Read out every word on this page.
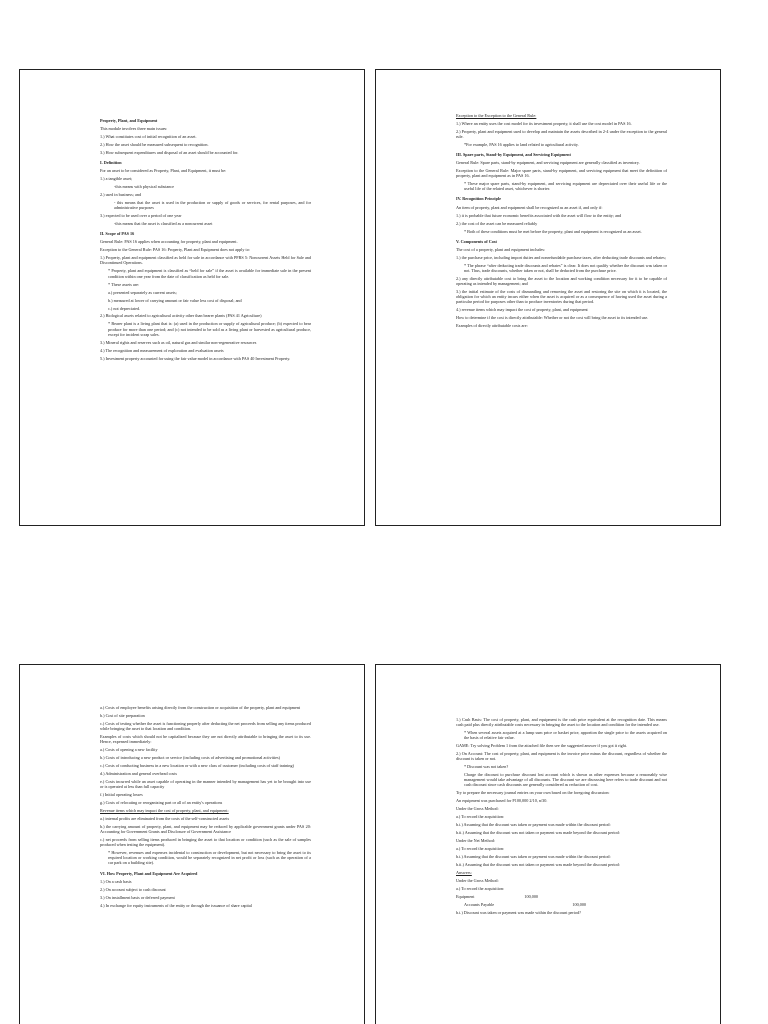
Property, Plant, and Equipment
This module involves three main issues:
1.) What constitutes cost of initial recognition of an asset.
2.) How the asset should be measured subsequent to recognition.
3.) How subsequent expenditures and disposal of an asset should be accounted for.
I. Definition
For an asset to be considered as Property, Plant, and Equipment, it must be:
1.) a tangible asset;
-this means with physical substance
2.) used in business; and
- this means that the asset is used in the production or supply of goods or services, for rental purposes, and for administrative purposes
3.) expected to be used over a period of one year
-this means that the asset is classified as a noncurrent asset
II. Scope of PAS 16
General Rule: PAS 16 applies when accounting for property, plant and equipment.
Exception to the General Rule: PAS 16: Property, Plant and Equipment does not apply to:
1.) Property, plant and equipment classified as held for sale in accordance with PFRS 5: Noncurrent Assets Held for Sale and Discontinued Operations.
* Property, plant and equipment is classified as “held for sale” if the asset is available for immediate sale in the present condition within one year from the date of classification as held for sale.
* These assets are:
a.) presented separately as current assets;
b.) measured at lower of carrying amount or fair value less cost of disposal; and
c.) not depreciated.
2.) Biological assets related to agricultural activity other than bearer plants (PAS 41 Agriculture)
* Bearer plant is a living plant that is: (a) used in the production or supply of agricultural produce; (b) expected to bear produce for more than one period; and (c) not intended to be sold as a living plant or harvested as agricultural produce, except for incident scrap sales.
3.) Mineral rights and reserves such as oil, natural gas and similar non-regenerative resources
4.) The recognition and measurement of exploration and evaluation assets
5.) Investment property accounted for using the fair value model in accordance with PAS 40 Investment Property.
Exception to the Exception to the General Rule:
1.) Where an entity uses the cost model for its investment property, it shall use the cost model in PAS 16.
2.) Property, plant and equipment used to develop and maintain the assets described in 2-4 under the exception to the general rule.
*For example, PAS 16 applies to land related to agricultural activity.
III. Spare parts, Stand-by Equipment, and Servicing Equipment
General Rule: Spare parts, stand-by equipment, and servicing equipment are generally classified as inventory.
Exception to the General Rule: Major spare parts, stand-by equipment, and servicing equipment that meet the definition of property, plant and equipment as in PAS 16.
* These major spare parts, stand-by equipment, and servicing equipment are depreciated over their useful life or the useful life of the related asset, whichever is shorter.
IV. Recognition Principle
An item of property, plant and equipment shall be recognized as an asset if, and only if:
1.) it is probable that future economic benefits associated with the asset will flow to the entity; and
2.) the cost of the asset can be measured reliably
* Both of these conditions must be met before the property, plant and equipment is recognized as an asset.
V. Components of Cost
The cost of a property, plant and equipment includes:
1.) the purchase price, including import duties and nonrefundable purchase taxes, after deducting trade discounts and rebates;
* The phrase “after deducting trade discounts and rebates” is clear. It does not qualify whether the discount was taken or not. Thus, trade discounts, whether taken or not, shall be deducted from the purchase price.
2.) any directly attributable cost to bring the asset to the location and working condition necessary for it to be capable of operating as intended by management; and
3.) the initial estimate of the costs of dismantling and removing the asset and restoring the site on which it is located, the obligation for which an entity incurs either when the asset is acquired or as a consequence of having used the asset during a particular period for purposes other than to produce inventories during that period.
4.) revenue items which may impact the cost of property, plant, and equipment
How to determine if the cost is directly attributable: Whether or not the cost will bring the asset to its intended use.
Examples of directly attributable costs are:
a.) Costs of employee benefits arising directly from the construction or acquisition of the property, plant and equipment
b.) Cost of site preparation
c.) Costs of testing whether the asset is functioning properly after deducting the net proceeds from selling any items produced while bringing the asset to that location and condition.
Examples of costs which should not be capitalized because they are not directly attributable to bringing the asset to its use. Hence, expensed immediately:
a.) Costs of opening a new facility
b.) Costs of introducing a new product or service (including costs of advertising and promotional activities)
c.) Costs of conducting business in a new location or with a new class of customer (including costs of staff training)
d.) Administration and general overhead costs
e.) Costs incurred while an asset capable of operating in the manner intended by management has yet to be brought into use or is operated at less than full capacity
f.) Initial operating losses
g.) Costs of relocating or reorganizing part or all of an entity's operations
Revenue items which may impact the cost of property, plant, and equipment:
a.) internal profits are eliminated from the costs of the self-constructed assets
b.) the carrying amount of property, plant, and equipment may be reduced by applicable government grants under PAS 20: Accounting for Government Grants and Disclosure of Government Assistance
c.) net proceeds from selling items produced in bringing the asset to that location or condition (such as the sale of samples produced when testing the equipment).
* However, revenues and expenses incidental to construction or development, but not necessary to bring the asset to its required location or working condition, would be separately recognized in net profit or loss (such as the operation of a car park on a building site).
VI. How Property, Plant and Equipment Are Acquired
1.) On a cash basis
2.) On account subject to cash discount
3.) On installment basis or deferred payment
4.) In exchange for equity instruments of the entity or through the issuance of share capital
1.) Cash Basis: The cost of property, plant, and equipment is the cash price equivalent at the recognition date. This means cash paid plus directly attributable costs necessary in bringing the asset to the location and condition for the intended use.
* When several assets acquired at a lump sum price or basket price, apportion the single price to the assets acquired on the basis of relative fair value.
GAME: Try solving Problem 1 from the attached file then see the suggested answer if you got it right.
2.) On Account: The cost of property, plant, and equipment is the invoice price minus the discount, regardless of whether the discount is taken or not.
* Discount was not taken?
Charge the discount to purchase discount lost account which is shown as other expenses because a reasonably wise management would take advantage of all discounts. The discount we are discussing here refers to trade discount and not cash discount since cash discounts are generally considered as reduction of cost.
Try to prepare the necessary journal entries on your own based on the foregoing discussion:
An equipment was purchased for P100,000 2/10, n/30.
Under the Gross Method:
a.) To record the acquisition:
b.i.) Assuming that the discount was taken or payment was made within the discount period:
b.ii.) Assuming that the discount was not taken or payment was made beyond the discount period:
Under the Net Method:
a.) To record the acquisition:
b.i.) Assuming that the discount was taken or payment was made within the discount period:
b.ii.) Assuming that the discount was not taken or payment was made beyond the discount period:
Answers:
Under the Gross Method:
a.) To record the acquisition:
Equipment	100,000
Accounts Payable	100,000
b.i.) Discount was taken or payment was made within the discount period?
